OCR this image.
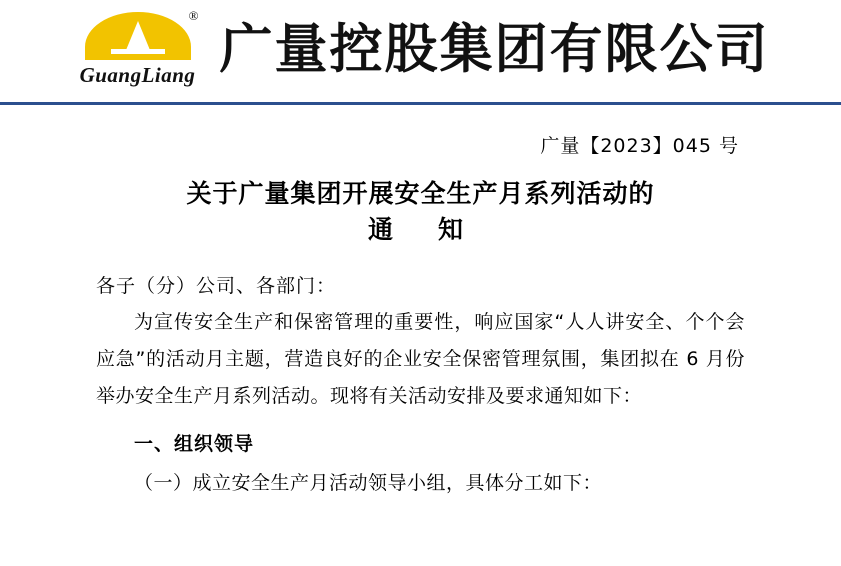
®
GuangLiang 广量控股集团有限公司
广量【2023】045 号
关于广量集团开展安全生产月系列活动的
通　知
各子（分）公司、各部门：
为宣传安全生产和保密管理的重要性，响应国家“人人讲安全、个个会应急”的活动月主题，营造良好的企业安全保密管理氛围，集团拟在 6 月份举办安全生产月系列活动。现将有关活动安排及要求通知如下：
一、组织领导
（一）成立安全生产月活动领导小组，具体分工如下：
